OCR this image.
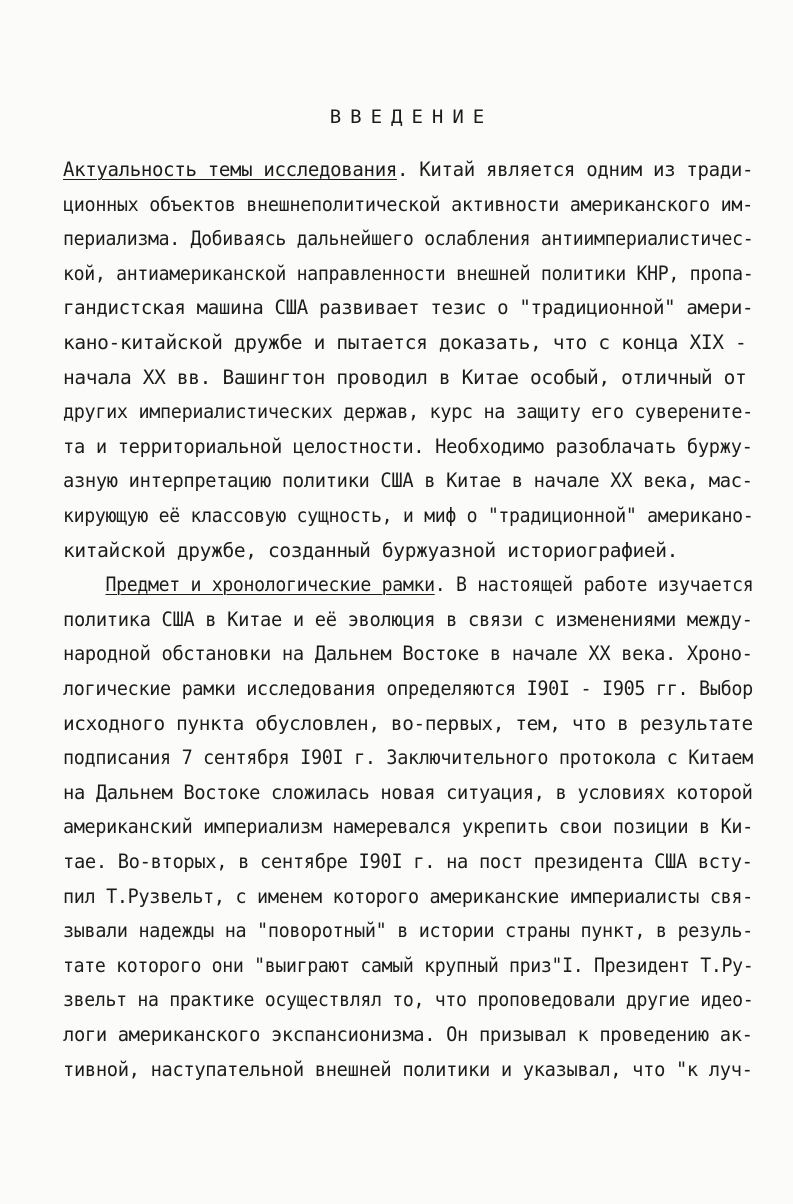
ВВЕДЕНИЕ
Актуальность темы исследования. Китай является одним из тради-
ционных объектов внешнеполитической активности американского им-
периализма. Добиваясь дальнейшего ослабления антиимпериалистичес-
кой, антиамериканской направленности внешней политики КНР, пропа-
гандистская машина США развивает тезис о "традиционной" амери-
кано-китайской дружбе и пытается доказать, что с конца XIX -
начала XX вв. Вашингтон проводил в Китае особый, отличный от
других империалистических держав, курс на защиту его суверените-
та и территориальной целостности. Необходимо разоблачать буржу-
азную интерпретацию политики США в Китае в начале XX века, мас-
кирующую её классовую сущность, и миф о "традиционной" американо-
китайской дружбе, созданный буржуазной историографией.
Предмет и хронологические рамки. В настоящей работе изучается
политика США в Китае и её эволюция в связи с изменениями между-
народной обстановки на Дальнем Востоке в начале XX века. Хроно-
логические рамки исследования определяются I90I - I905 гг. Выбор
исходного пункта обусловлен, во-первых, тем, что в результате
подписания 7 сентября I90I г. Заключительного протокола с Китаем
на Дальнем Востоке сложилась новая ситуация, в условиях которой
американский империализм намеревался укрепить свои позиции в Ки-
тае. Во-вторых, в сентябре I90I г. на пост президента США всту-
пил Т.Рузвельт, с именем которого американские империалисты свя-
зывали надежды на "поворотный" в истории страны пункт, в резуль-
тате которого они "выиграют самый крупный приз"I. Президент Т.Ру-
звельт на практике осуществлял то, что проповедовали другие идео-
логи американского экспансионизма. Он призывал к проведению ак-
тивной, наступательной внешней политики и указывал, что "к луч-
